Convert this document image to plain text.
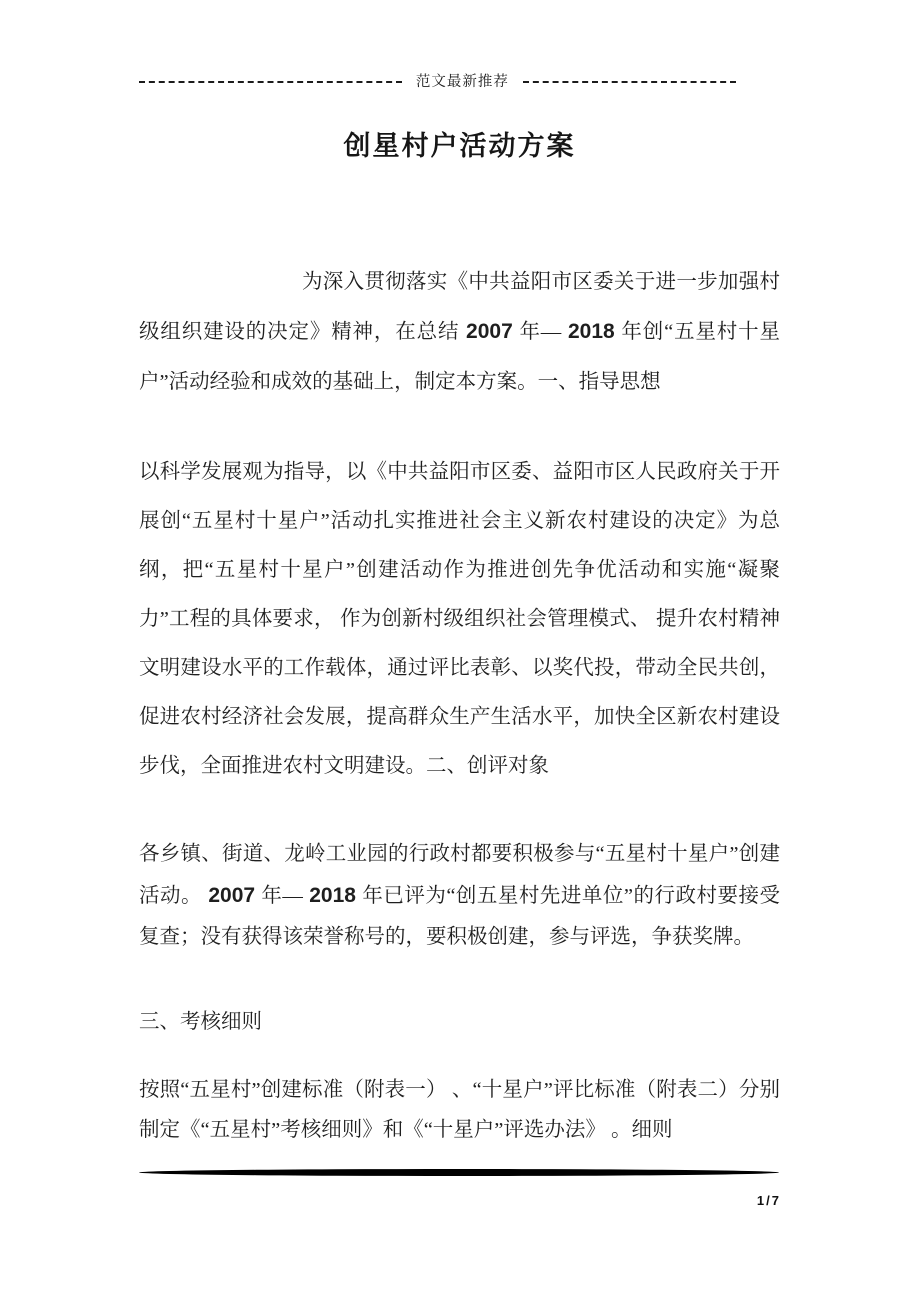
范文最新推荐
创星村户活动方案

为深入贯彻落实《中共益阳市区委关于进一步加强村级组织建设的决定》精神，在总结 2007 年— 2018 年创“五星村十星户”活动经验和成效的基础上，制定本方案。一、指导思想

以科学发展观为指导，以《中共益阳市区委、益阳市区人民政府关于开展创“五星村十星户”活动扎实推进社会主义新农村建设的决定》为总纲，把“五星村十星户”创建活动作为推进创先争优活动和实施“凝聚力”工程的具体要求， 作为创新村级组织社会管理模式、 提升农村精神文明建设水平的工作载体，通过评比表彰、以奖代投，带动全民共创，促进农村经济社会发展，提高群众生产生活水平，加快全区新农村建设步伐，全面推进农村文明建设。二、创评对象

各乡镇、街道、龙岭工业园的行政村都要积极参与“五星村十星户”创建活动。 2007 年— 2018 年已评为“创五星村先进单位”的行政村要接受复查；没有获得该荣誉称号的，要积极创建，参与评选，争获奖牌。

三、考核细则

按照“五星村”创建标准（附表一） 、“十星户”评比标准（附表二）分别制定《“五星村”考核细则》和《“十星户”评选办法》 。细则

1/7
